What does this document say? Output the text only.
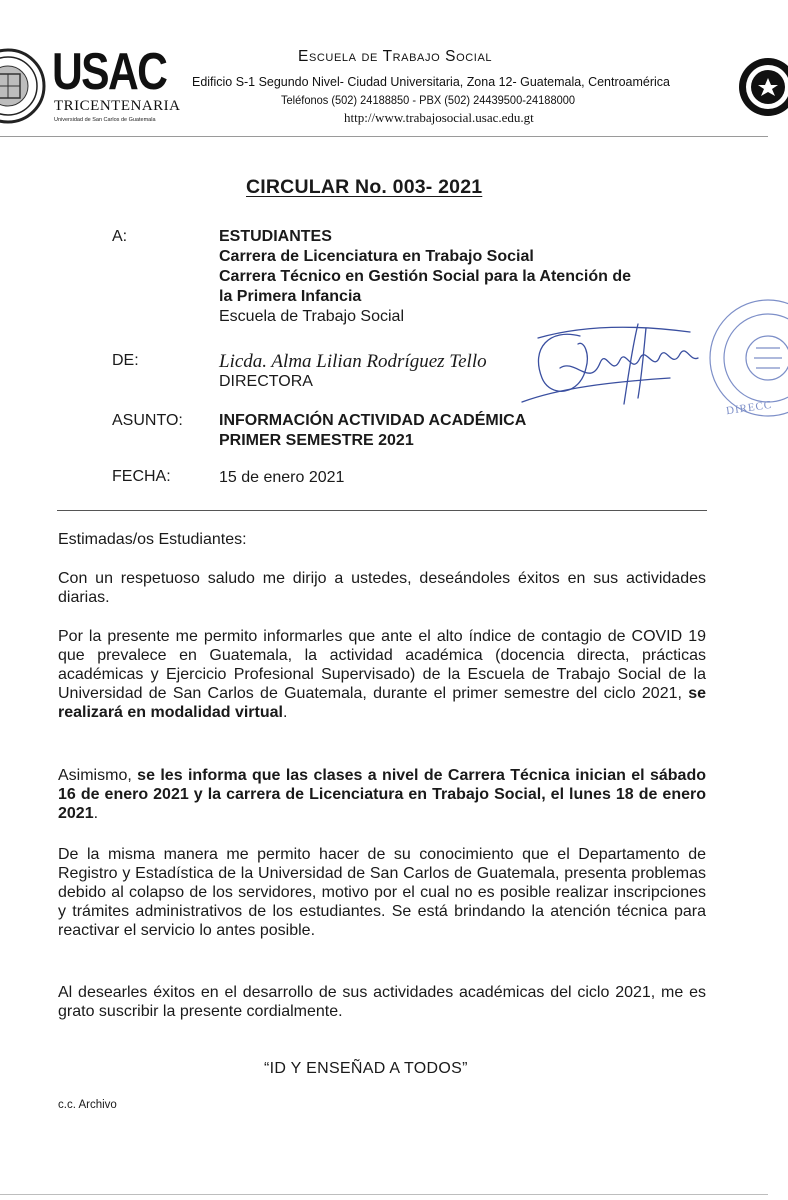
USAC
TRICENTENARIA
Universidad de San Carlos de Guatemala
Escuela de Trabajo Social
Edificio S-1 Segundo Nivel- Ciudad Universitaria, Zona 12- Guatemala, Centroamérica
Teléfonos (502) 24188850 - PBX (502) 24439500-24188000
http://www.trabajosocial.usac.edu.gt
CIRCULAR No. 003- 2021
A:	ESTUDIANTES
Carrera de Licenciatura en Trabajo Social
Carrera Técnico en Gestión Social para la Atención de
la Primera Infancia
Escuela de Trabajo Social
DE:	Licda. Alma Lilian Rodríguez Tello
DIRECTORA
DIRECC
ASUNTO: INFORMACIÓN ACTIVIDAD ACADÉMICA
PRIMER SEMESTRE 2021
FECHA:	15 de enero 2021

Estimadas/os Estudiantes:

Con un respetuoso saludo me dirijo a ustedes, deseándoles éxitos en sus actividades diarias.

Por la presente me permito informarles que ante el alto índice de contagio de COVID 19 que prevalece en Guatemala, la actividad académica (docencia directa, prácticas académicas y Ejercicio Profesional Supervisado) de la Escuela de Trabajo Social de la Universidad de San Carlos de Guatemala, durante el primer semestre del ciclo 2021, se realizará en modalidad virtual.

Asimismo, se les informa que las clases a nivel de Carrera Técnica inician el sábado 16 de enero 2021 y la carrera de Licenciatura en Trabajo Social, el lunes 18 de enero 2021.

De la misma manera me permito hacer de su conocimiento que el Departamento de Registro y Estadística de la Universidad de San Carlos de Guatemala, presenta problemas debido al colapso de los servidores, motivo por el cual no es posible realizar inscripciones y trámites administrativos de los estudiantes. Se está brindando la atención técnica para reactivar el servicio lo antes posible.

Al desearles éxitos en el desarrollo de sus actividades académicas del ciclo 2021, me es grato suscribir la presente cordialmente.

“ID Y ENSEÑAD A TODOS”
c.c. Archivo
